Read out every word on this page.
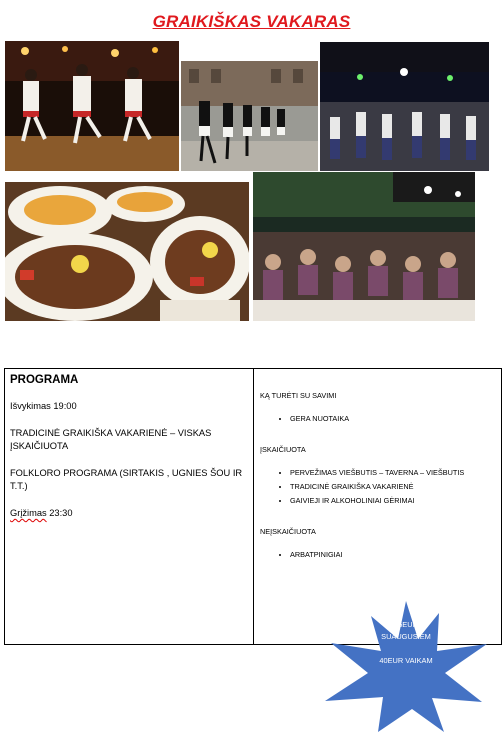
GRAIKIŠKAS VAKARAS
PROGRAMA
Išvykimas 19:00
TRADICINĖ GRAIKIŠKA VAKARIENĖ – VISKAS ĮSKAIČIUOTA
FOLKLORO PROGRAMA (SIRTAKIS , UGNIES ŠOU IR T.T.)
Grįžimas 23:30
KĄ TURĖTI SU SAVIMI
• GERA NUOTAIKA
ĮSKAIČIUOTA
• PERVEŽIMAS VIEŠBUTIS – TAVERNA – VIEŠBUTIS
• TRADICINĖ GRAIKIŠKA VAKARIENĖ
• GAIVIEJI IR ALKOHOLINIAI GĖRIMAI
NEĮSKAIČIUOTA
• ARBATPINIGIAI
55EUR
SUAUGUSIEM
40EUR VAIKAM
